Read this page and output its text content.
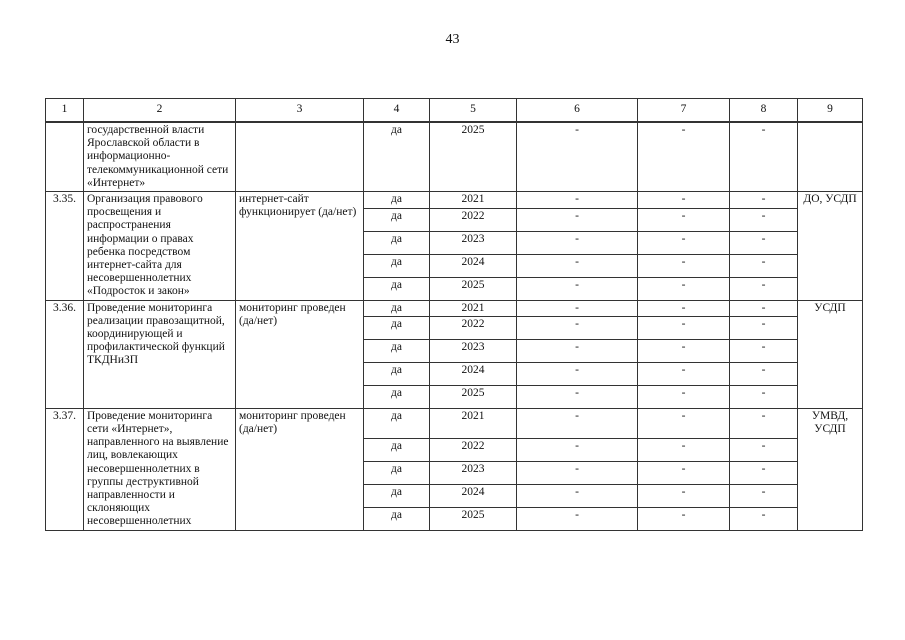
43
1	2	3	4	5	6	7	8	9
	государственной власти Ярославской области в информационно-телекоммуникационной сети «Интернет»		да	2025	-	-	-	
3.35.	Организация правового просвещения и распространения информации о правах ребенка посредством интернет-сайта для несовершеннолетних «Подросток и закон»	интернет-сайт функционирует (да/нет)	да	2021	-	-	-	ДО, УСДП
			да	2022	-	-	-	
			да	2023	-	-	-	
			да	2024	-	-	-	
			да	2025	-	-	-	
3.36.	Проведение мониторинга реализации правозащитной, координирующей и профилактической функций ТКДНиЗП	мониторинг проведен (да/нет)	да	2021	-	-	-	УСДП
			да	2022	-	-	-	
			да	2023	-	-	-	
			да	2024	-	-	-	
			да	2025	-	-	-	
3.37.	Проведение мониторинга сети «Интернет», направленного на выявление лиц, вовлекающих несовершеннолетних в группы деструктивной направленности и склоняющих несовершеннолетних	мониторинг проведен (да/нет)	да	2021	-	-	-	УМВД, УСДП
			да	2022	-	-	-	
			да	2023	-	-	-	
			да	2024	-	-	-	
			да	2025	-	-	-	
